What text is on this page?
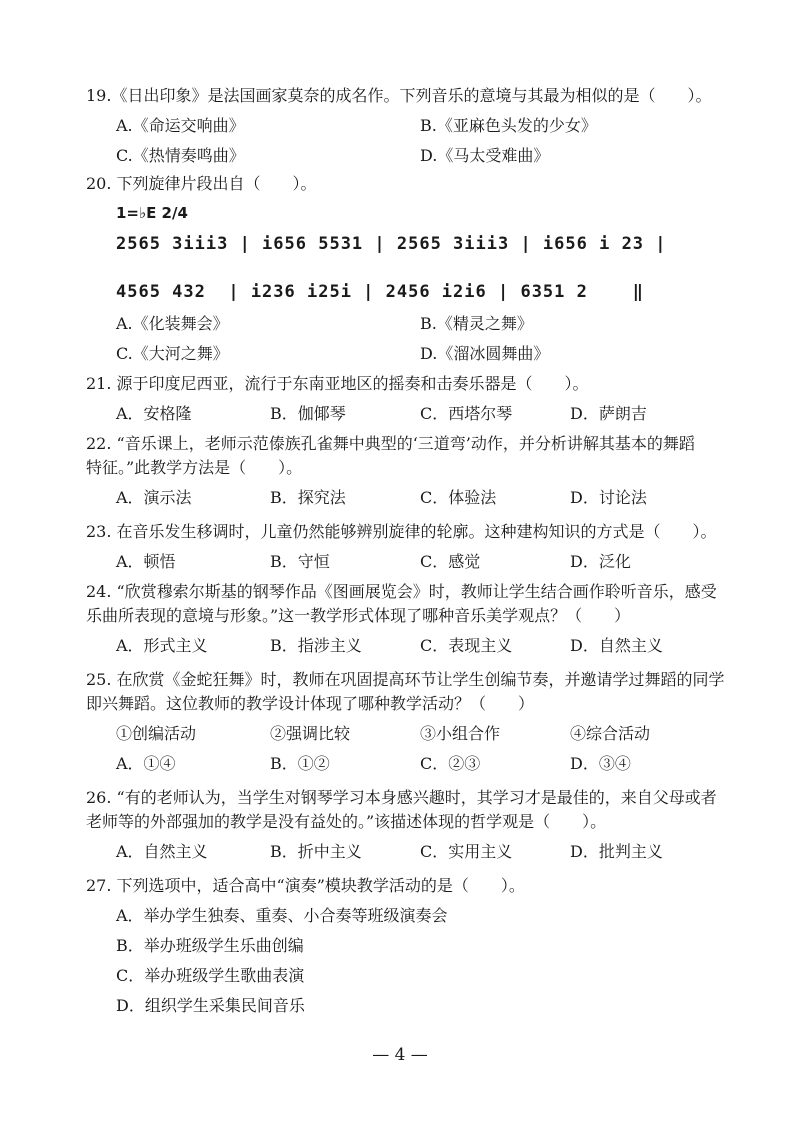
19.《日出印象》是法国画家莫奈的成名作。下列音乐的意境与其最为相似的是（　　）。

A.《命运交响曲》	B.《亚麻色头发的少女》
C.《热情奏鸣曲》	D.《马太受难曲》

20. 下列旋律片段出自（　　）。

1=♭E 2/4
2565 3iii3 | i656 5531 | 2565 3iii3 | i656 i 23 |
4565 432  | i236 i25i | 2456 i2i6 | 6351 2    ‖
A.《化装舞会》	B.《精灵之舞》
C.《大河之舞》	D.《溜冰圆舞曲》

21. 源于印度尼西亚，流行于东南亚地区的摇奏和击奏乐器是（　　）。

A．安格隆	B．伽倻琴	C．西塔尔琴	D．萨朗吉

22. “音乐课上，老师示范傣族孔雀舞中典型的‘三道弯’动作，并分析讲解其基本的舞蹈

特征。”此教学方法是（　　）。
A．演示法	B．探究法	C．体验法	D．讨论法

23. 在音乐发生移调时，儿童仍然能够辨别旋律的轮廓。这种建构知识的方式是（　　）。

A．顿悟	B．守恒	C．感觉	D．泛化

24. “欣赏穆索尔斯基的钢琴作品《图画展览会》时，教师让学生结合画作聆听音乐，感受

乐曲所表现的意境与形象。”这一教学形式体现了哪种音乐美学观点？（　　）
A．形式主义	B．指涉主义	C．表现主义	D．自然主义

25. 在欣赏《金蛇狂舞》时，教师在巩固提高环节让学生创编节奏，并邀请学过舞蹈的同学

即兴舞蹈。这位教师的教学设计体现了哪种教学活动？（　　）
①创编活动	②强调比较	③小组合作	④综合活动
A．①④	B．①②	C．②③	D．③④

26. “有的老师认为，当学生对钢琴学习本身感兴趣时，其学习才是最佳的，来自父母或者

老师等的外部强加的教学是没有益处的。”该描述体现的哲学观是（　　）。
A．自然主义	B．折中主义	C．实用主义	D．批判主义

27. 下列选项中，适合高中“演奏”模块教学活动的是（　　）。

A．举办学生独奏、重奏、小合奏等班级演奏会
B．举办班级学生乐曲创编
C．举办班级学生歌曲表演
D．组织学生采集民间音乐
— 4 —
